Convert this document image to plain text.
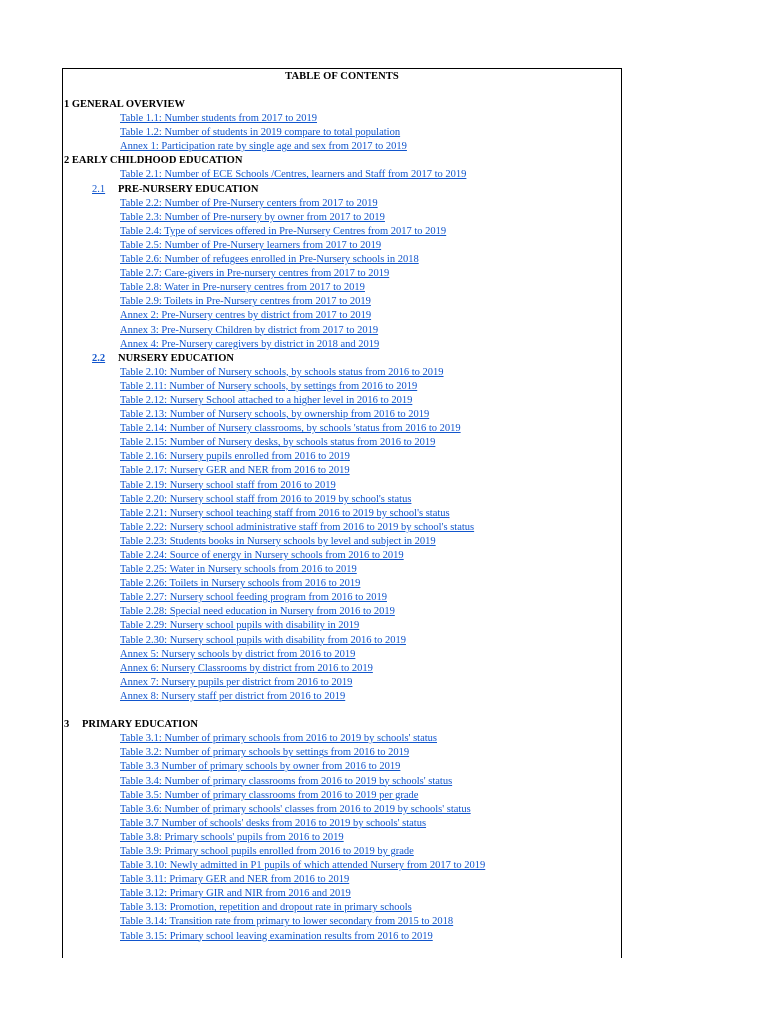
TABLE OF CONTENTS
1 GENERAL OVERVIEW
Table 1.1: Number students from 2017 to 2019
Table 1.2: Number of students in 2019 compare to total population
Annex 1: Participation rate by single age and sex from 2017 to 2019
2 EARLY CHILDHOOD EDUCATION
Table 2.1: Number of ECE Schools /Centres, learners and Staff from 2017 to 2019
2.1 PRE-NURSERY EDUCATION
Table 2.2: Number of Pre-Nursery centers from 2017 to 2019
Table 2.3: Number of Pre-nursery by owner from 2017 to 2019
Table 2.4: Type of services offered in Pre-Nursery Centres from 2017 to 2019
Table 2.5: Number of Pre-Nursery learners from 2017 to 2019
Table 2.6: Number of refugees enrolled in Pre-Nursery schools in 2018
Table 2.7: Care-givers in Pre-nursery centres from 2017 to 2019
Table 2.8: Water in Pre-nursery centres from 2017 to 2019
Table 2.9: Toilets in Pre-Nursery centres from 2017 to 2019
Annex 2: Pre-Nursery centres by district from 2017 to 2019
Annex 3: Pre-Nursery Children by district from 2017 to 2019
Annex 4: Pre-Nursery caregivers by district in 2018 and 2019
2.2 NURSERY EDUCATION
Table 2.10: Number of Nursery schools, by schools status from 2016 to 2019
Table 2.11: Number of Nursery schools, by settings from 2016 to 2019
Table 2.12: Nursery School attached to a higher level in 2016 to 2019
Table 2.13: Number of Nursery schools, by ownership from 2016 to 2019
Table 2.14: Number of Nursery classrooms, by schools 'status from 2016 to 2019
Table 2.15: Number of Nursery desks, by schools status from 2016 to 2019
Table 2.16: Nursery pupils enrolled from 2016 to 2019
Table 2.17: Nursery GER and NER from 2016 to 2019
Table 2.19: Nursery school staff from 2016 to 2019
Table 2.20: Nursery school staff from 2016 to 2019 by school's status
Table 2.21: Nursery school teaching staff from 2016 to 2019 by school's status
Table 2.22: Nursery school administrative staff from 2016 to 2019 by school's status
Table 2.23: Students books in Nursery schools by level and subject in 2019
Table 2.24: Source of energy in Nursery schools from 2016 to 2019
Table 2.25: Water in Nursery schools from 2016 to 2019
Table 2.26: Toilets in Nursery schools from 2016 to 2019
Table 2.27: Nursery school feeding program from 2016 to 2019
Table 2.28: Special need education in Nursery from 2016 to 2019
Table 2.29: Nursery school pupils with disability in 2019
Table 2.30: Nursery school pupils with disability from 2016 to 2019
Annex 5: Nursery schools by district from 2016 to 2019
Annex 6: Nursery Classrooms by district from 2016 to 2019
Annex 7: Nursery pupils per district from 2016 to 2019
Annex 8: Nursery staff per district from 2016 to 2019
3 PRIMARY EDUCATION
Table 3.1: Number of primary schools from 2016 to 2019 by schools' status
Table 3.2: Number of primary schools by settings from 2016 to 2019
Table 3.3 Number of primary schools by owner from 2016 to 2019
Table 3.4: Number of primary classrooms from 2016 to 2019 by schools' status
Table 3.5: Number of primary classrooms from 2016 to 2019 per grade
Table 3.6: Number of primary schools' classes from 2016 to 2019 by schools' status
Table 3.7 Number of schools' desks from 2016 to 2019 by schools' status
Table 3.8: Primary schools' pupils from 2016 to 2019
Table 3.9: Primary school pupils enrolled from 2016 to 2019 by grade
Table 3.10: Newly admitted in P1 pupils of which attended Nursery from 2017 to 2019
Table 3.11: Primary GER and NER from 2016 to 2019
Table 3.12: Primary GIR and NIR from 2016 and 2019
Table 3.13: Promotion, repetition and dropout rate in primary schools
Table 3.14: Transition rate from primary to lower secondary from 2015 to 2018
Table 3.15: Primary school leaving examination results from 2016 to 2019
